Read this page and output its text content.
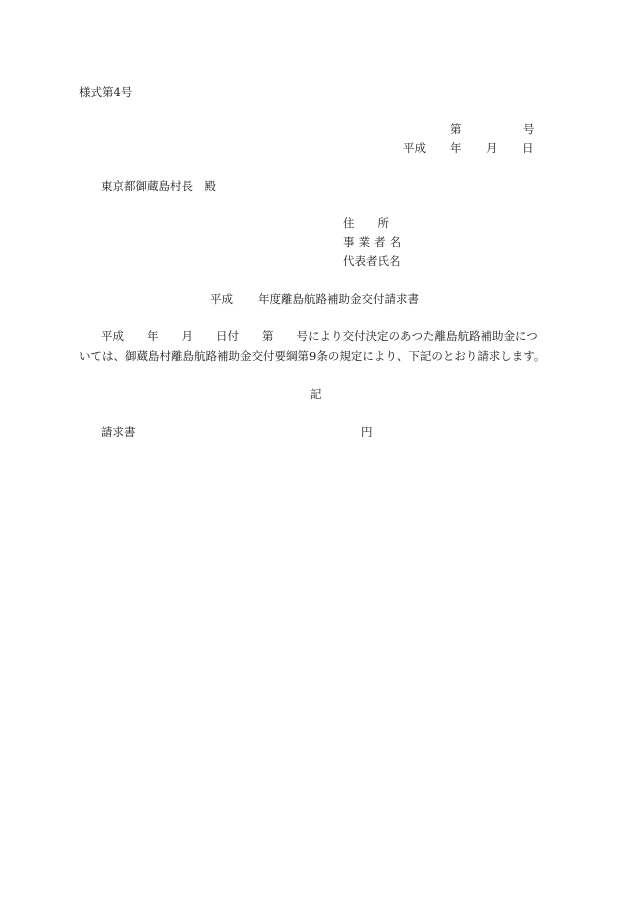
様式第4号
第	号
平成 年 月 日
東京都御蔵島村長　殿
住　　所
事業者名
代表者氏名
平成 年度離島航路補助金交付請求書
平成　　年　　月　　日付　　第　　号により交付決定のあつた離島航路補助金につ
いては、御蔵島村離島航路補助金交付要綱第9条の規定により、下記のとおり請求します。
記
請求書	円
